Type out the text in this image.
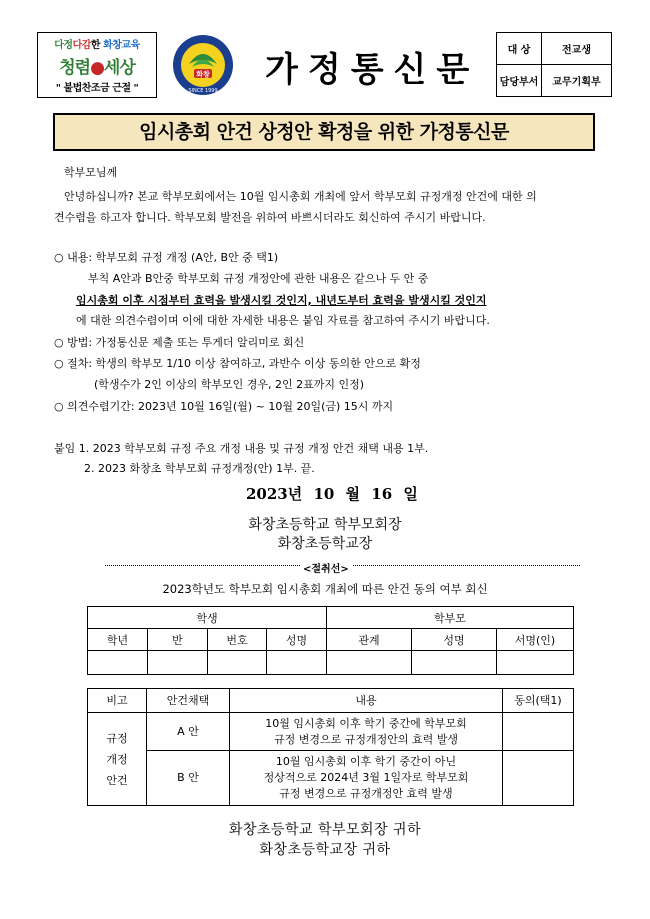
다정다감한 화창교육
청렴●세상
" 불법찬조금 근절 "
화창
SINCE 1999
가정통신문	대 상	전교생
담당부서	교무기획부
임시총회 안건 상정안 확정을 위한 가정통신문
학부모님께
안녕하십니까? 본교 학부모회에서는 10월 임시총회 개최에 앞서 학부모회 규정개정 안건에 대한 의
견수렴을 하고자 합니다. 학부모회 발전을 위하여 바쁘시더라도 회신하여 주시기 바랍니다.
○ 내용: 학부모회 규정 개정 (A안, B안 중 택1)
부칙 A안과 B안중 학부모회 규정 개정안에 관한 내용은 같으나 두 안 중
임시총회 이후 시점부터 효력을 발생시킬 것인지, 내년도부터 효력을 발생시킬 것인지
에 대한 의견수렴이며 이에 대한 자세한 내용은 붙임 자료를 참고하여 주시기 바랍니다.
○ 방법: 가정통신문 제출 또는 투게더 알리미로 회신
○ 절차: 학생의 학부모 1/10 이상 참여하고, 과반수 이상 동의한 안으로 확정
(학생수가 2인 이상의 학부모인 경우, 2인 2표까지 인정)
○ 의견수렴기간: 2023년 10월 16일(월) ~ 10월 20일(금) 15시 까지
붙임 1. 2023 학부모회 규정 주요 개정 내용 및 규정 개정 안건 채택 내용 1부.
2. 2023 화창초 학부모회 규정개정(안) 1부. 끝.
2023년 10 월 16 일
화창초등학교 학부모회장
화창초등학교장
<절취선>
2023학년도 학부모회 임시총회 개최에 따른 안건 동의 여부 회신
학생				학부모		
학년	반	번호	성명	관계	성명	서명(인)

비고	안건채택	내용	동의(택1)
규정
개정
안건	A 안	10월 임시총회 이후 학기 중간에 학부모회
규정 변경으로 규정개정안의 효력 발생	
	B 안	10월 임시총회 이후 학기 중간이 아닌
정상적으로 2024년 3월 1일자로 학부모회
규정 변경으로 규정개정안 효력 발생	
화창초등학교 학부모회장 귀하
화창초등학교장 귀하
